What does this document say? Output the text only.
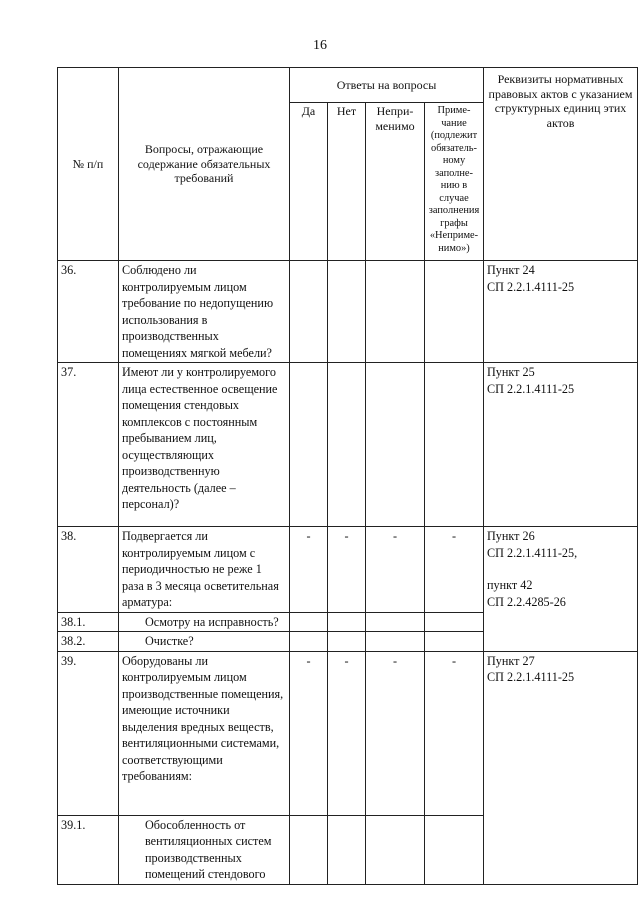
16
№ п/п	Вопросы, отражающие содержание обязательных требований	Ответы на вопросы				Реквизиты нормативных правовых актов с указанием структурных единиц этих актов
		Да	Нет	Непри-менимо	Приме-чание (подлежит обязатель-ному заполне-нию в случае заполнения графы «Неприме-нимо»)	
36.	Соблюдено ли контролируемым лицом требование по недопущению использования в производственных помещениях мягкой мебели?					Пункт 24
СП 2.2.1.4111-25

37.	Имеют ли у контролируемого лица естественное освещение помещения стендовых комплексов с постоянным пребыванием лиц, осуществляющих производственную деятельность (далее – персонал)?					Пункт 25
СП 2.2.1.4111-25

38.	Подвергается ли контролируемым лицом с периодичностью не реже 1 раза в 3 месяца осветительная арматура:	-	-	-	-	Пункт 26
СП 2.2.1.4111-25,
пункт 42
СП 2.2.4285-26

38.1.	Осмотру на исправность?					
38.2.	Очистке?					
39.	Оборудованы ли контролируемым лицом производственные помещения, имеющие источники выделения вредных веществ, вентиляционными системами, соответствующими требованиям:	-	-	-	-	Пункт 27
СП 2.2.1.4111-25

39.1.	Обособленность от вентиляционных систем производственных помещений стендового					
